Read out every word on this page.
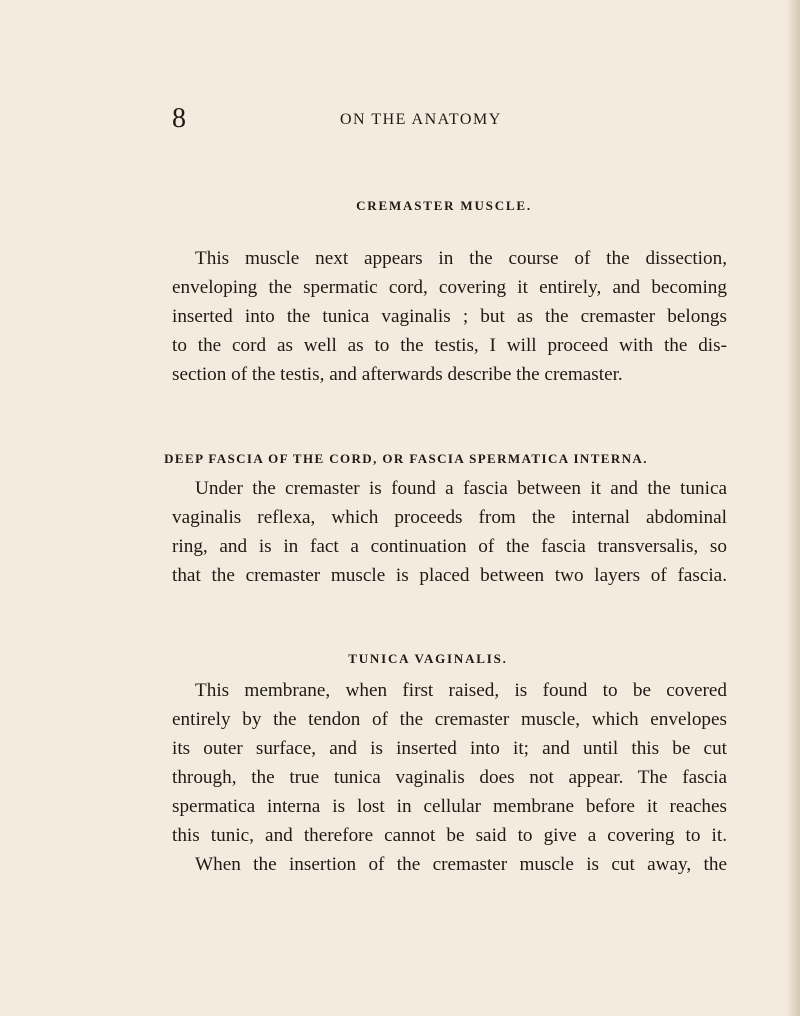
8	ON THE ANATOMY
CREMASTER MUSCLE.
This muscle next appears in the course of the dissection,
enveloping the spermatic cord, covering it entirely, and becoming
inserted into the tunica vaginalis ; but as the cremaster belongs
to the cord as well as to the testis, I will proceed with the dis-
section of the testis, and afterwards describe the cremaster.
DEEP FASCIA OF THE CORD, OR FASCIA SPERMATICA INTERNA.
Under the cremaster is found a fascia between it and the tunica
vaginalis reflexa, which proceeds from the internal abdominal
ring, and is in fact a continuation of the fascia transversalis, so
that the cremaster muscle is placed between two layers of fascia.
TUNICA VAGINALIS.
This membrane, when first raised, is found to be covered
entirely by the tendon of the cremaster muscle, which envelopes
its outer surface, and is inserted into it; and until this be cut
through, the true tunica vaginalis does not appear. The fascia
spermatica interna is lost in cellular membrane before it reaches
this tunic, and therefore cannot be said to give a covering to it.
When the insertion of the cremaster muscle is cut away, the
